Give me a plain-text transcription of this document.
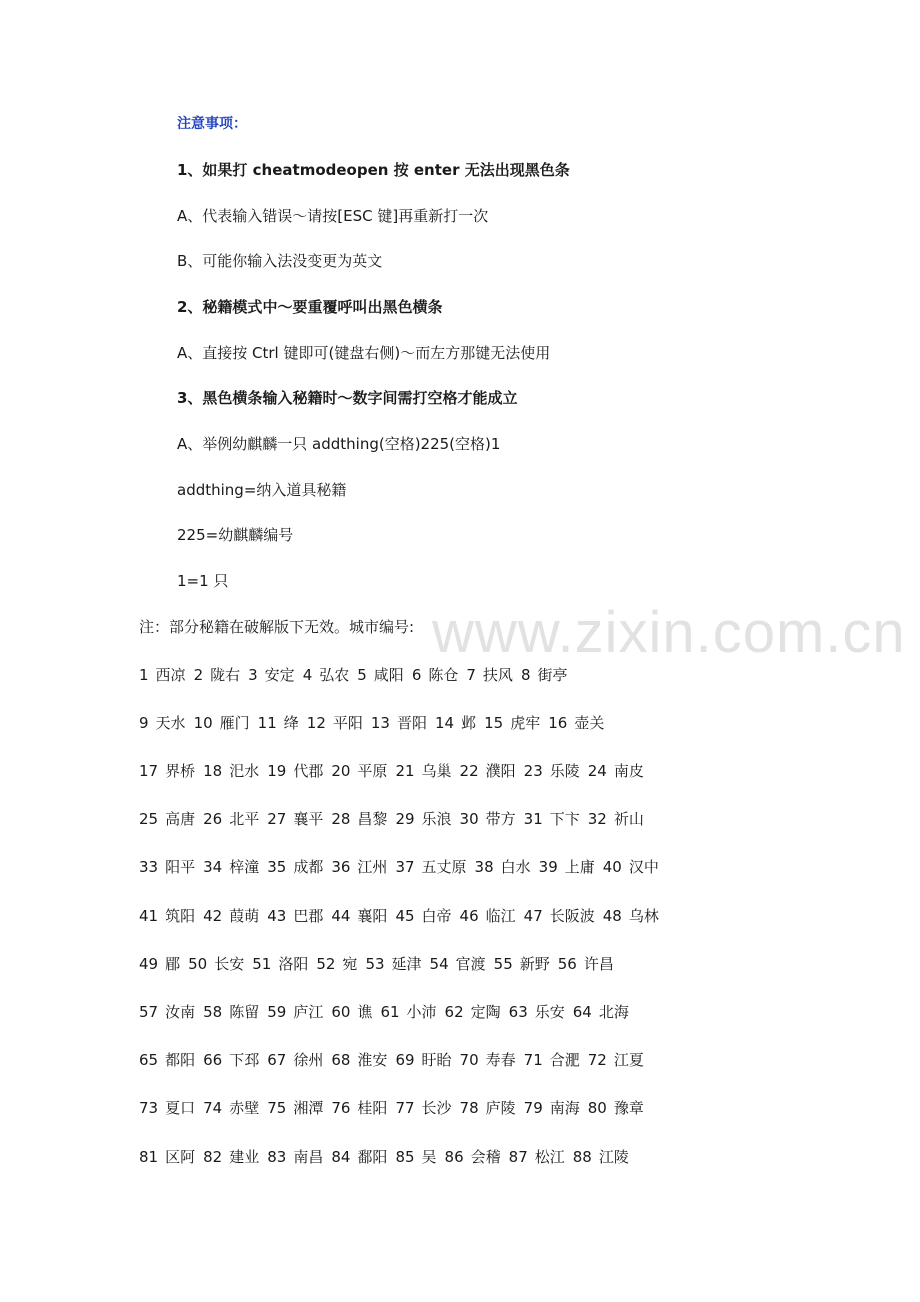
www.zixin.com.cn

注意事项：

1、如果打 cheatmodeopen 按 enter 无法出现黑色条

A、代表输入错误～请按[ESC 键]再重新打一次

B、可能你输入法没变更为英文

2、秘籍模式中～要重覆呼叫出黑色横条

A、直接按 Ctrl 键即可(键盘右侧)～而左方那键无法使用

3、黑色横条输入秘籍时～数字间需打空格才能成立

A、举例幼麒麟一只 addthing(空格)225(空格)1

addthing=纳入道具秘籍

225=幼麒麟编号

1=1 只

注：部分秘籍在破解版下无效。城市编号:

1 西凉 2 陇右 3 安定 4 弘农 5 咸阳 6 陈仓 7 扶风 8 街亭
9 天水 10 雁门 11 绛 12 平阳 13 晋阳 14 邺 15 虎牢 16 壶关
17 界桥 18 汜水 19 代郡 20 平原 21 乌巢 22 濮阳 23 乐陵 24 南皮
25 高唐 26 北平 27 襄平 28 昌黎 29 乐浪 30 带方 31 下卞 32 祈山
33 阳平 34 梓潼 35 成都 36 江州 37 五丈原 38 白水 39 上庸 40 汉中
41 筑阳 42 葭萌 43 巴郡 44 襄阳 45 白帝 46 临江 47 长阪波 48 乌林
49 郿 50 长安 51 洛阳 52 宛 53 延津 54 官渡 55 新野 56 许昌
57 汝南 58 陈留 59 庐江 60 谯 61 小沛 62 定陶 63 乐安 64 北海
65 都阳 66 下邳 67 徐州 68 淮安 69 盱眙 70 寿春 71 合淝 72 江夏
73 夏口 74 赤壁 75 湘潭 76 桂阳 77 长沙 78 庐陵 79 南海 80 豫章
81 区阿 82 建业 83 南昌 84 鄱阳 85 吴 86 会稽 87 松江 88 江陵
